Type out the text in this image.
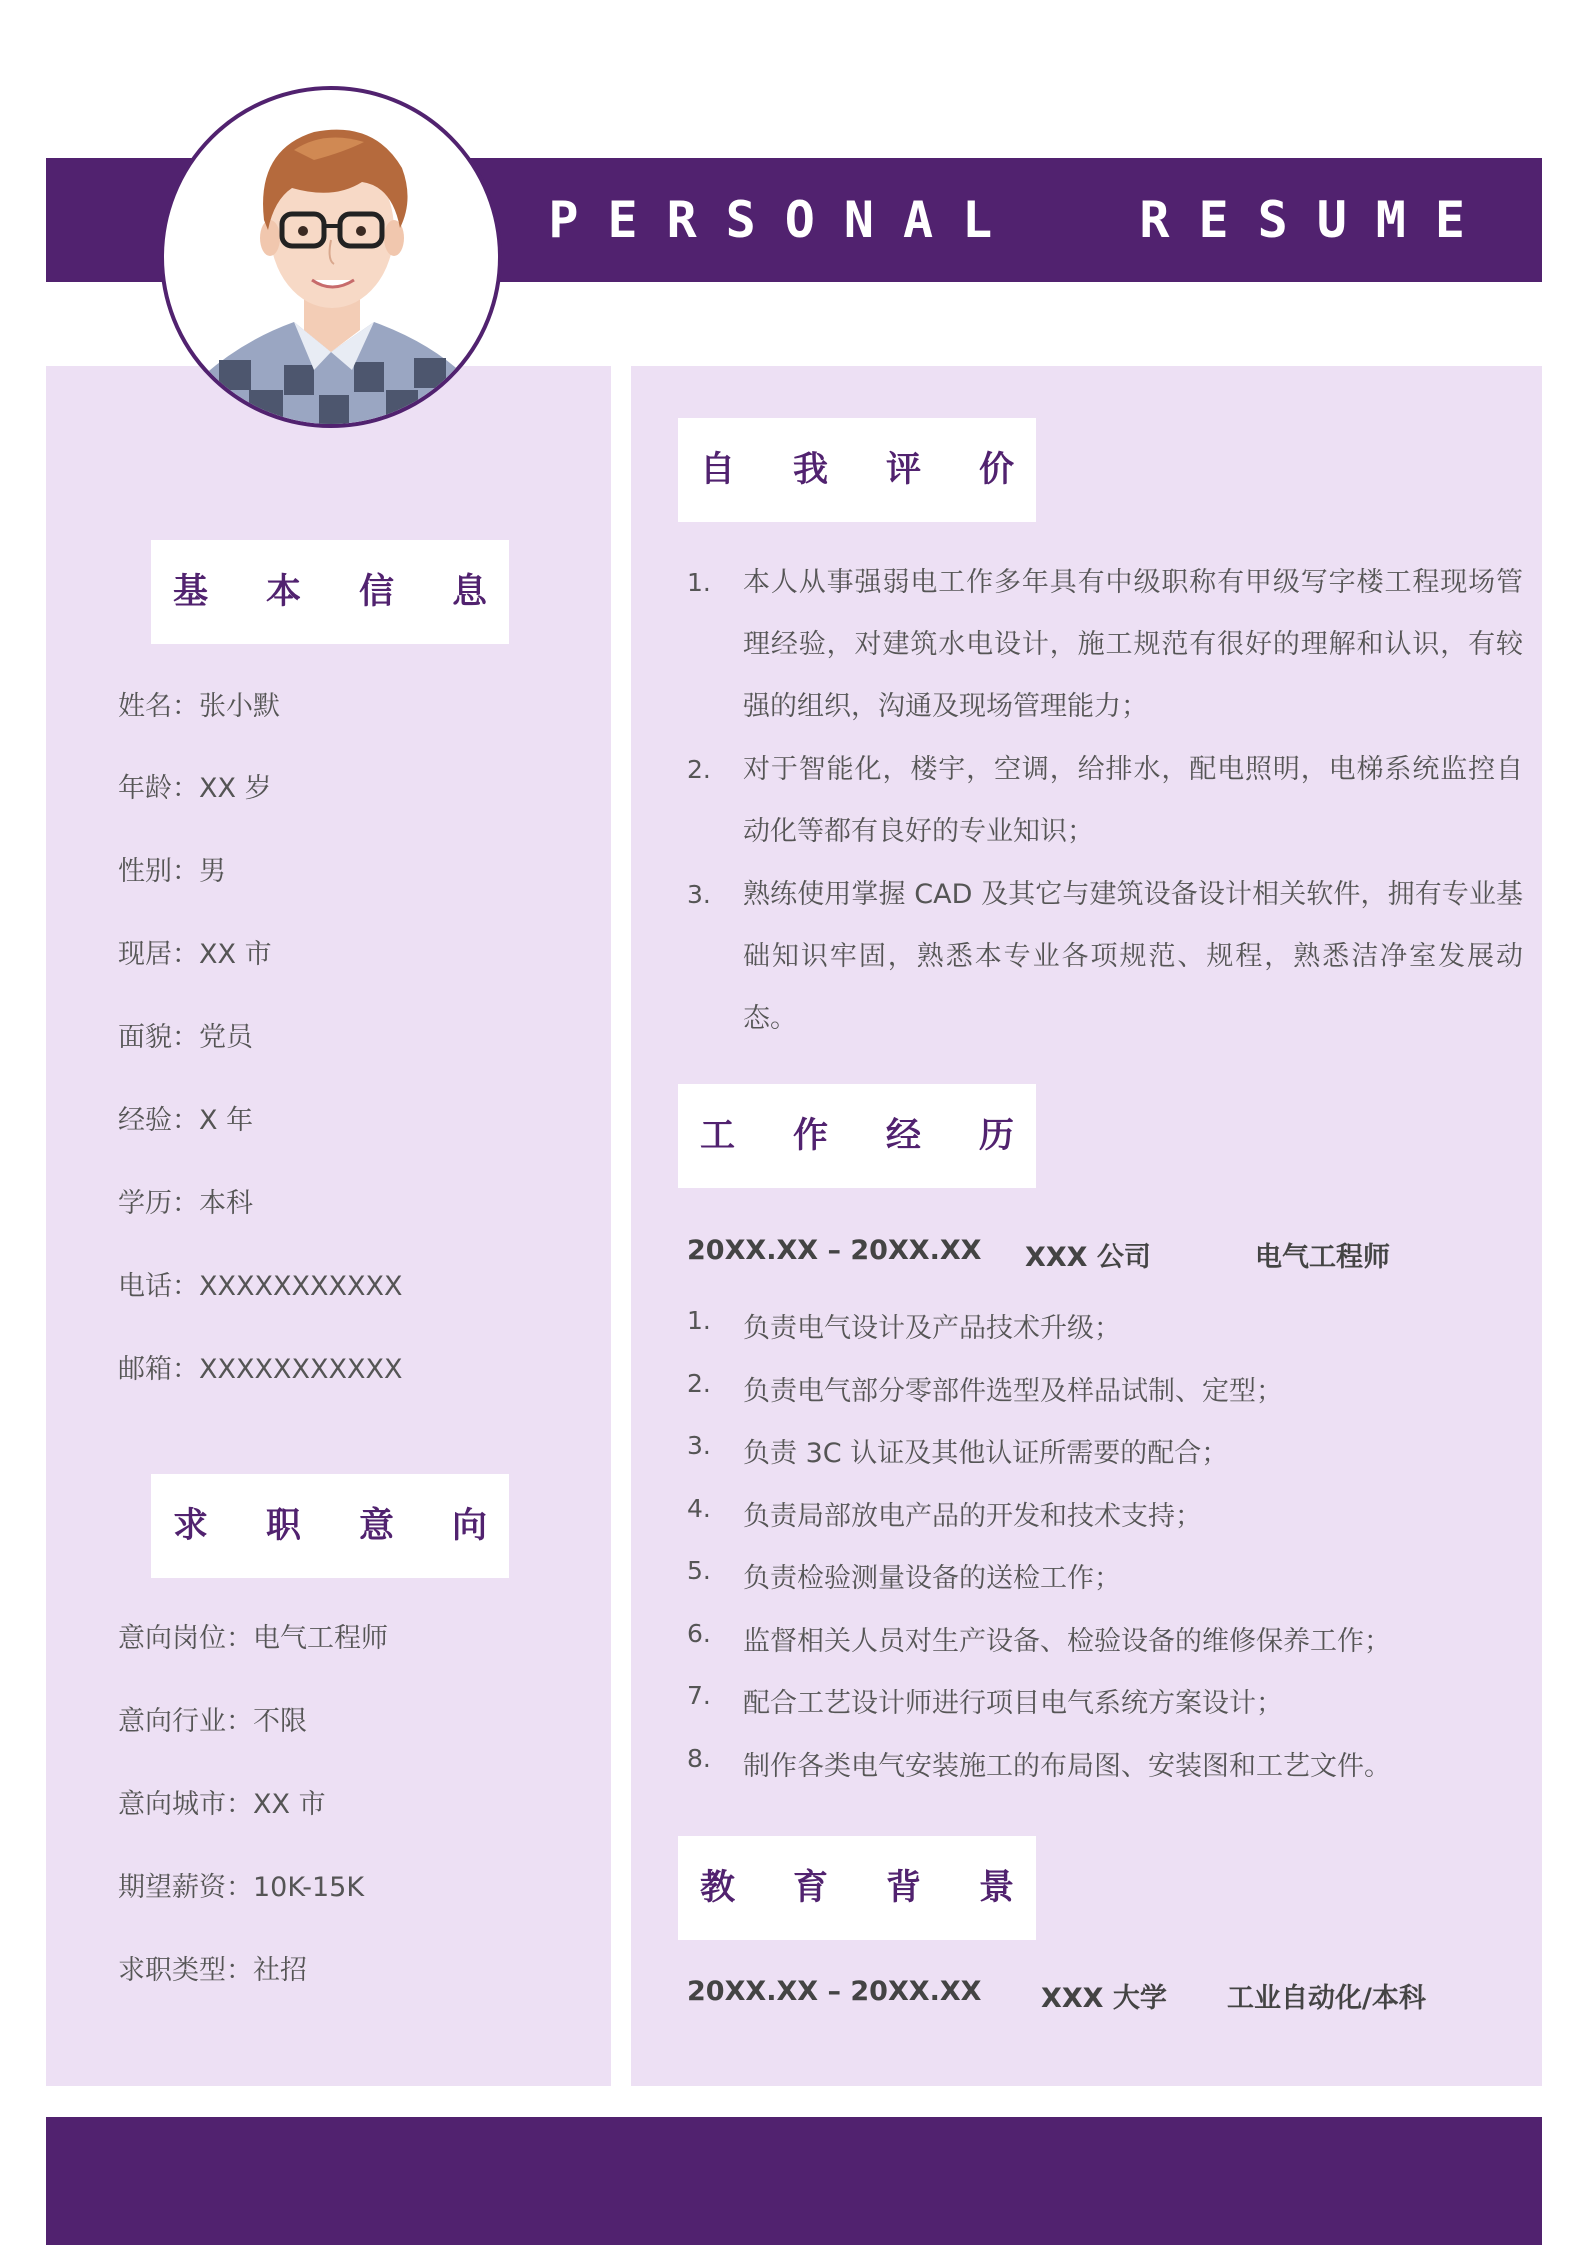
PERSONAL  RESUME
基本信息
姓名：张小默
年龄：XX 岁
性别：男
现居：XX 市
面貌：党员
经验：X 年
学历：本科
电话：XXXXXXXXXXX
邮箱：XXXXXXXXXXX
求职意向
意向岗位：电气工程师
意向行业：不限
意向城市：XX 市
期望薪资：10K-15K
求职类型：社招
自我评价
1.	本人从事强弱电工作多年具有中级职称有甲级写字楼工程现场管理经验，对建筑水电设计，施工规范有很好的理解和认识，有较强的组织，沟通及现场管理能力；
2.	对于智能化，楼宇，空调，给排水，配电照明，电梯系统监控自动化等都有良好的专业知识；
3.	熟练使用掌握 CAD 及其它与建筑设备设计相关软件，拥有专业基础知识牢固，熟悉本专业各项规范、规程，熟悉洁净室发展动态。
工作经历
20XX.XX – 20XX.XX XXX 公司	电气工程师
1. 负责电气设计及产品技术升级；
2. 负责电气部分零部件选型及样品试制、定型；
3. 负责 3C 认证及其他认证所需要的配合；
4. 负责局部放电产品的开发和技术支持；
5. 负责检验测量设备的送检工作；
6. 监督相关人员对生产设备、检验设备的维修保养工作；
7. 配合工艺设计师进行项目电气系统方案设计；
8. 制作各类电气安装施工的布局图、安装图和工艺文件。
教育背景
20XX.XX – 20XX.XX XXX 大学 工业自动化/本科
